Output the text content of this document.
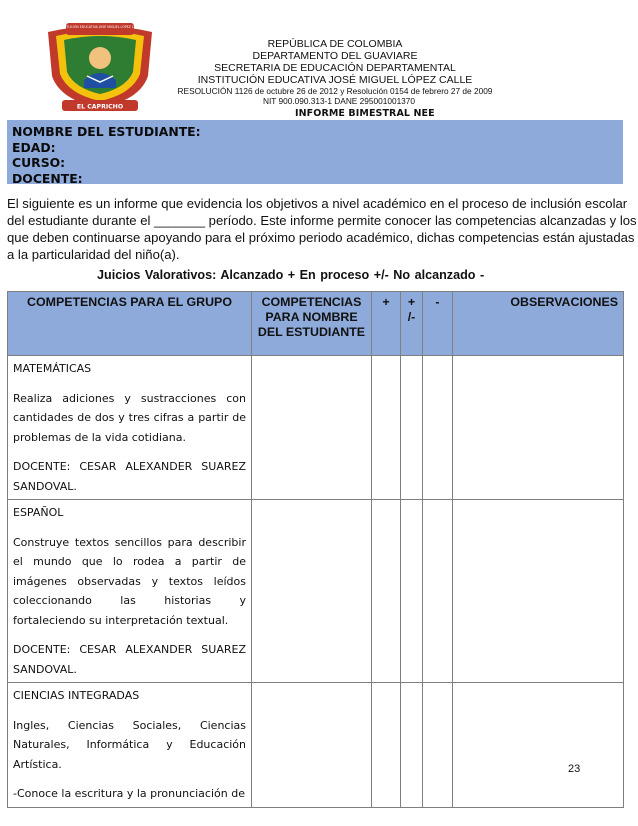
INSTITUCIÓN EDUCATIVA JOSÉ MIGUEL LÓPEZ CALLE
EL CAPRICHO
REPÚBLICA DE COLOMBIA
DEPARTAMENTO DEL GUAVIARE
SECRETARIA DE EDUCACIÓN DEPARTAMENTAL
INSTITUCIÓN EDUCATIVA JOSÉ MIGUEL LÓPEZ CALLE
RESOLUCIÓN 1126 de octubre 26 de 2012 y Resolución 0154 de febrero 27 de 2009
NIT 900.090.313-1 DANE 295001001370
INFORME BIMESTRAL NEE
NOMBRE DEL ESTUDIANTE:
EDAD:
CURSO:
DOCENTE:
El siguiente es un informe que evidencia los objetivos a nivel académico en el proceso de inclusión escolar
del estudiante durante el _______ período. Este informe permite conocer las competencias alcanzadas y los
que deben continuarse apoyando para el próximo periodo académico, dichas competencias están ajustadas
a la particularidad del niño(a).
Juicios Valorativos: Alcanzado + En proceso +/- No alcanzado -
COMPETENCIAS PARA EL GRUPO	COMPETENCIAS PARA NOMBRE DEL ESTUDIANTE	+	+ /-	-	OBSERVACIONES

MATEMÁTICAS

Realiza adiciones y sustracciones con cantidades de dos y tres cifras a partir de problemas de la vida cotidiana.

DOCENTE: CESAR ALEXANDER SUAREZ SANDOVAL.					

ESPAÑOL

Construye textos sencillos para describir el mundo que lo rodea a partir de imágenes observadas y textos leídos coleccionando las historias y fortaleciendo su interpretación textual.

DOCENTE: CESAR ALEXANDER SUAREZ SANDOVAL.					

CIENCIAS INTEGRADAS

Ingles, Ciencias Sociales, Ciencias Naturales, Informática y Educación Artística.

-Conoce la escritura y la pronunciación de					

23
